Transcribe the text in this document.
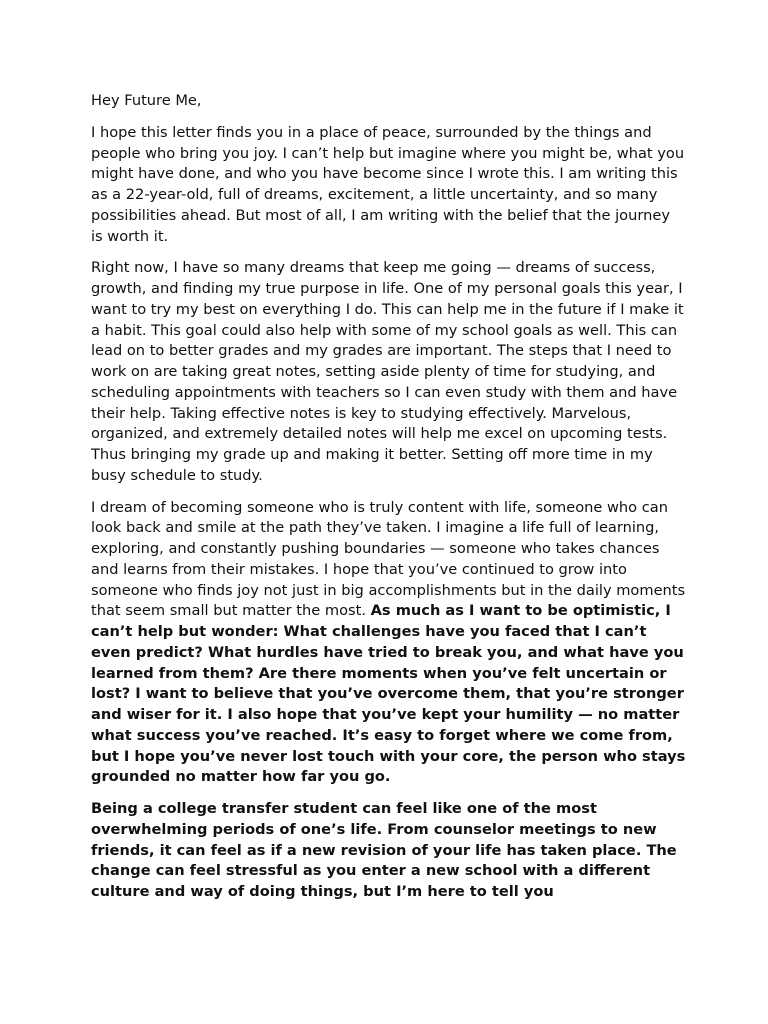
Hey Future Me,

I hope this letter finds you in a place of peace, surrounded by the things and people who bring you joy. I can’t help but imagine where you might be, what you might have done, and who you have become since I wrote this. I am writing this as a 22-year-old, full of dreams, excitement, a little uncertainty, and so many possibilities ahead. But most of all, I am writing with the belief that the journey is worth it.

Right now, I have so many dreams that keep me going — dreams of success, growth, and finding my true purpose in life. One of my personal goals this year, I want to try my best on everything I do. This can help me in the future if I make it a habit. This goal could also help with some of my school goals as well. This can lead on to better grades and my grades are important. The steps that I need to work on are taking great notes, setting aside plenty of time for studying, and scheduling appointments with teachers so I can even study with them and have their help. Taking effective notes is key to studying effectively. Marvelous, organized, and extremely detailed notes will help me excel on upcoming tests. Thus bringing my grade up and making it better. Setting off more time in my busy schedule to study.

I dream of becoming someone who is truly content with life, someone who can look back and smile at the path they’ve taken. I imagine a life full of learning, exploring, and constantly pushing boundaries — someone who takes chances and learns from their mistakes. I hope that you’ve continued to grow into someone who finds joy not just in big accomplishments but in the daily moments that seem small but matter the most. As much as I want to be optimistic, I can’t help but wonder: What challenges have you faced that I can’t even predict? What hurdles have tried to break you, and what have you learned from them? Are there moments when you’ve felt uncertain or lost? I want to believe that you’ve overcome them, that you’re stronger and wiser for it. I also hope that you’ve kept your humility — no matter what success you’ve reached. It’s easy to forget where we come from, but I hope you’ve never lost touch with your core, the person who stays grounded no matter how far you go.

Being a college transfer student can feel like one of the most overwhelming periods of one’s life. From counselor meetings to new friends, it can feel as if a new revision of your life has taken place. The change can feel stressful as you enter a new school with a different culture and way of doing things, but I’m here to tell you
